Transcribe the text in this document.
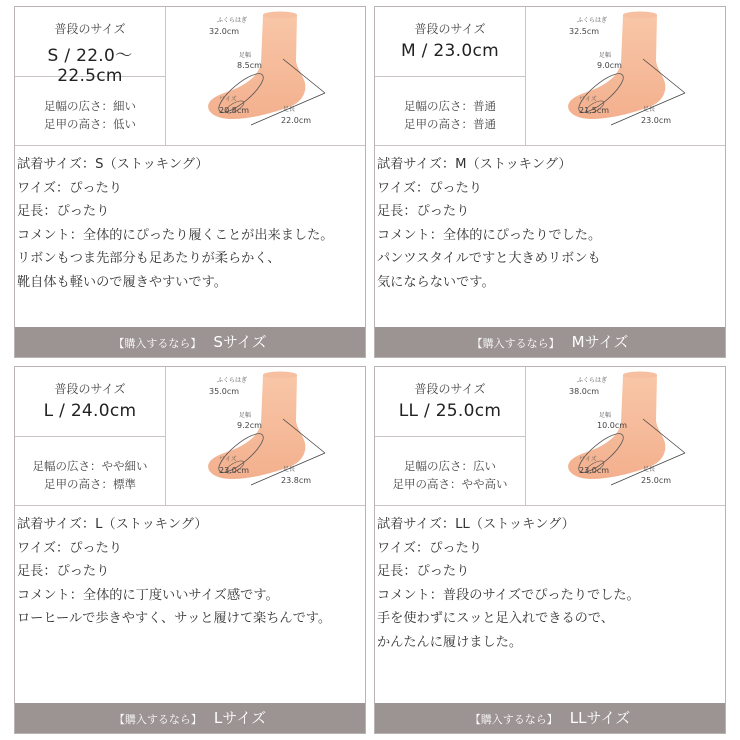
普段のサイズ
S / 22.0～22.5cm
足幅の広さ：細い
足甲の高さ：低い
ふくらはぎ
32.0cm
足幅
8.5cm
ワイズ
20.8cm	足長
22.0cm
試着サイズ：S（ストッキング）
ワイズ：ぴったり
足長：ぴったり
コメント：全体的にぴったり履くことが出来ました。
リボンもつま先部分も足あたりが柔らかく、
靴自体も軽いので履きやすいです。
【購入するなら】 Sサイズ
普段のサイズ
M / 23.0cm
足幅の広さ：普通
足甲の高さ：普通
ふくらはぎ
32.5cm
足幅
9.0cm
ワイズ
21.5cm	足長
23.0cm
試着サイズ：M（ストッキング）
ワイズ：ぴったり
足長：ぴったり
コメント：全体的にぴったりでした。
パンツスタイルですと大きめリボンも
気にならないです。
【購入するなら】 Mサイズ
普段のサイズ
L / 24.0cm
足幅の広さ：やや細い
足甲の高さ：標準
ふくらはぎ
35.0cm
足幅
9.2cm
ワイズ
23.0cm	足長
23.8cm
試着サイズ：L（ストッキング）
ワイズ：ぴったり
足長：ぴったり
コメント：全体的に丁度いいサイズ感です。
ローヒールで歩きやすく、サッと履けて楽ちんです。
【購入するなら】 Lサイズ
普段のサイズ
LL / 25.0cm
足幅の広さ：広い
足甲の高さ：やや高い
ふくらはぎ
38.0cm
足幅
10.0cm
ワイズ
23.0cm	足長
25.0cm
試着サイズ：LL（ストッキング）
ワイズ：ぴったり
足長：ぴったり
コメント：普段のサイズでぴったりでした。
手を使わずにスッと足入れできるので、
かんたんに履けました。
【購入するなら】 LLサイズ
